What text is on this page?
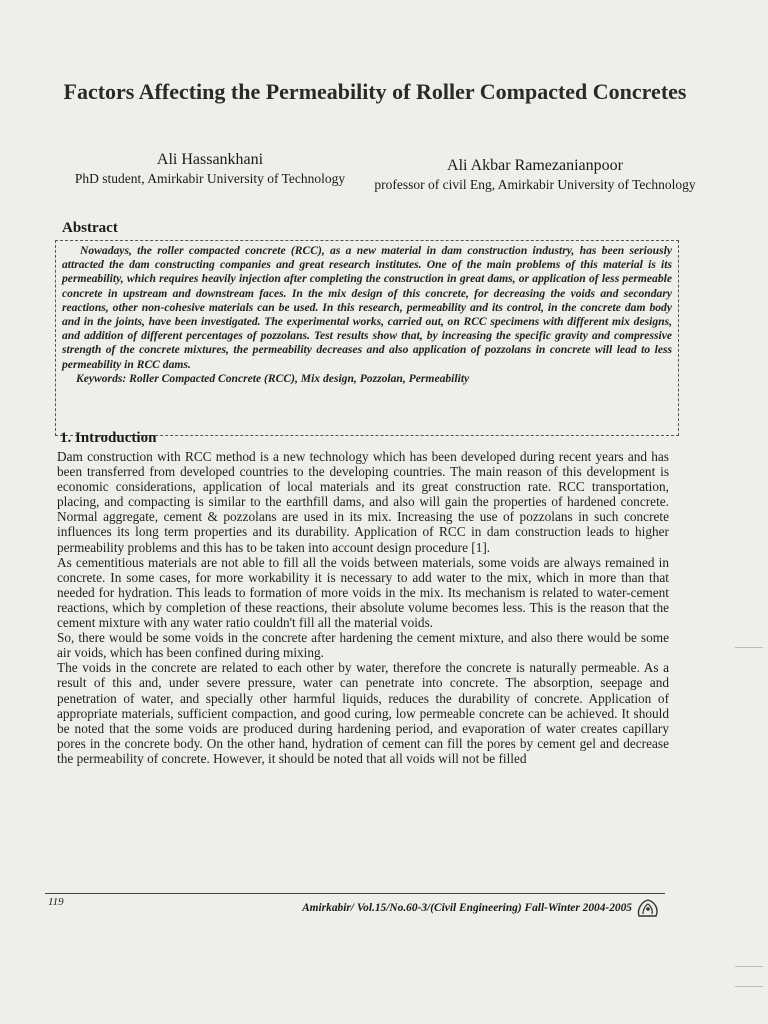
Factors Affecting the Permeability of Roller Compacted Concretes
Ali Hassankhani
PhD student, Amirkabir University of Technology
Ali Akbar Ramezanianpoor
professor of civil Eng, Amirkabir University of Technology
Abstract

Nowadays, the roller compacted concrete (RCC), as a new material in dam construction industry, has been seriously attracted the dam constructing companies and great research institutes. One of the main problems of this material is its permeability, which requires heavily injection after completing the construction in great dams, or application of less permeable concrete in upstream and downstream faces. In the mix design of this concrete, for decreasing the voids and secondary reactions, other non-cohesive materials can be used. In this research, permeability and its control, in the concrete dam body and in the joints, have been investigated. The experimental works, carried out, on RCC specimens with different mix designs, and addition of different percentages of pozzolans. Test results show that, by increasing the specific gravity and compressive strength of the concrete mixtures, the permeability decreases and also application of pozzolans in concrete will lead to less permeability in RCC dams.

Keywords: Roller Compacted Concrete (RCC), Mix design, Pozzolan, Permeability

1. Introduction

Dam construction with RCC method is a new technology which has been developed during recent years and has been transferred from developed countries to the developing countries. The main reason of this development is economic considerations, application of local materials and its great construction rate. RCC transportation, placing, and compacting is similar to the earthfill dams, and also will gain the properties of hardened concrete. Normal aggregate, cement & pozzolans are used in its mix. Increasing the use of pozzolans in such concrete influences its long term properties and its durability. Application of RCC in dam construction leads to higher permeability problems and this has to be taken into account design procedure [1].

As cementitious materials are not able to fill all the voids between materials, some voids are always remained in concrete. In some cases, for more workability it is necessary to add water to the mix, which in more than that needed for hydration. This leads to formation of more voids in the mix. Its mechanism is related to water-cement reactions, which by completion of these reactions, their absolute volume becomes less. This is the reason that the cement mixture with any water ratio couldn't fill all the material voids.

So, there would be some voids in the concrete after hardening the cement mixture, and also there would be some air voids, which has been confined during mixing.

The voids in the concrete are related to each other by water, therefore the concrete is naturally permeable. As a result of this and, under severe pressure, water can penetrate into concrete. The absorption, seepage and penetration of water, and specially other harmful liquids, reduces the durability of concrete. Application of appropriate materials, sufficient compaction, and good curing, low permeable concrete can be achieved. It should be noted that the some voids are produced during hardening period, and evaporation of water creates capillary pores in the concrete body. On the other hand, hydration of cement can fill the pores by cement gel and decrease the permeability of concrete. However, it should be noted that all voids will not be filled

119	Amirkabir/ Vol.15/No.60-3/(Civil Engineering) Fall-Winter 2004-2005
